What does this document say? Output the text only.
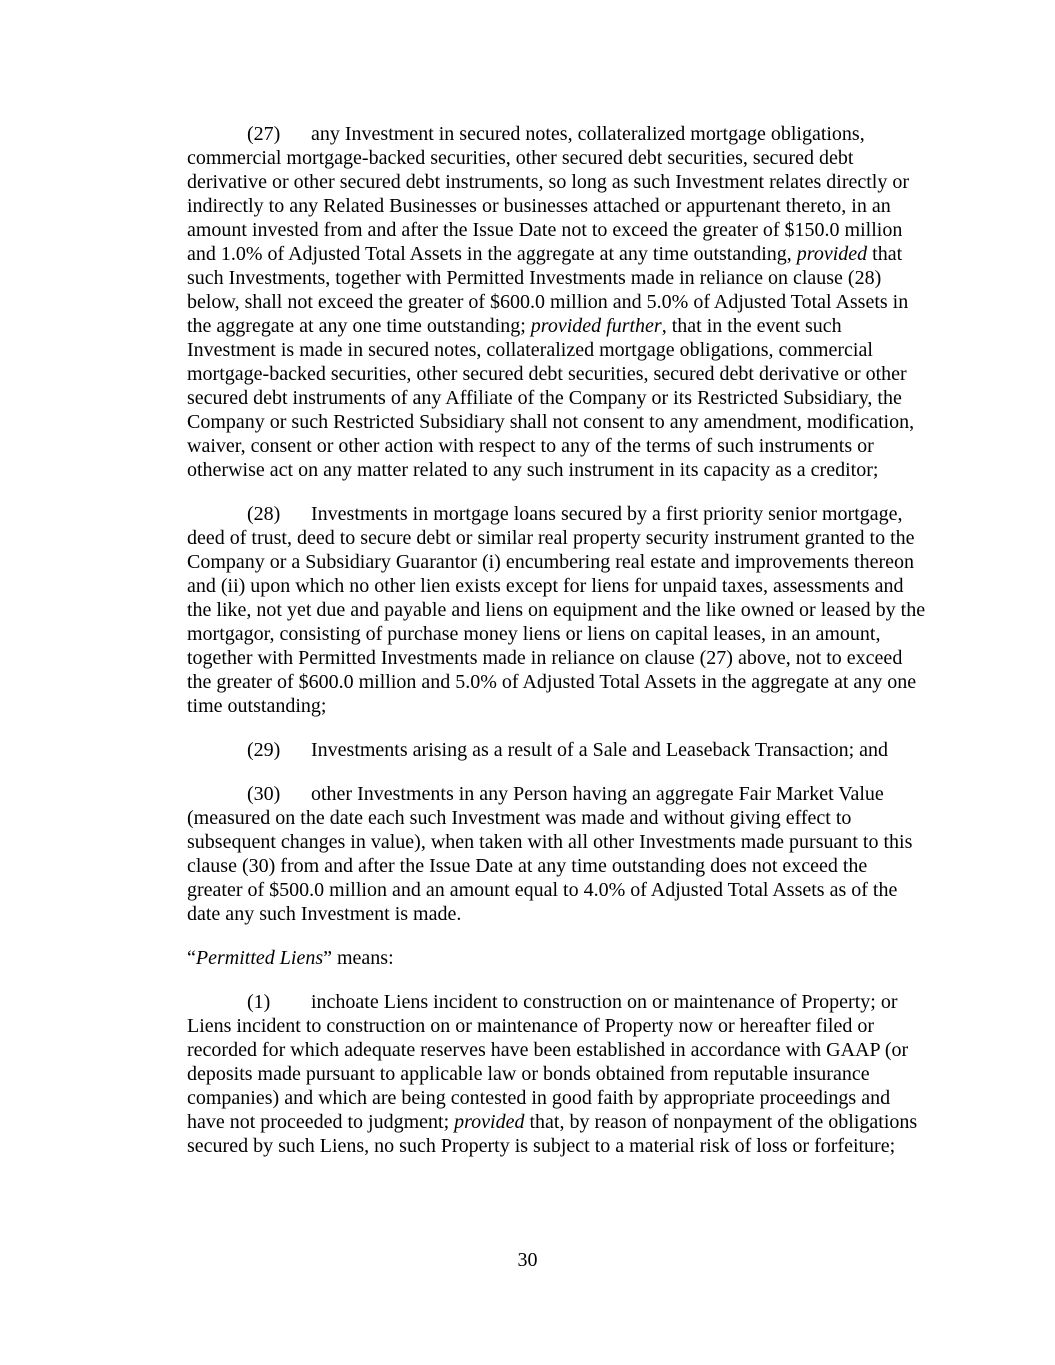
(27) any Investment in secured notes, collateralized mortgage obligations, commercial mortgage-backed securities, other secured debt securities, secured debt derivative or other secured debt instruments, so long as such Investment relates directly or indirectly to any Related Businesses or businesses attached or appurtenant thereto, in an amount invested from and after the Issue Date not to exceed the greater of $150.0 million and 1.0% of Adjusted Total Assets in the aggregate at any time outstanding, provided that such Investments, together with Permitted Investments made in reliance on clause (28) below, shall not exceed the greater of $600.0 million and 5.0% of Adjusted Total Assets in the aggregate at any one time outstanding; provided further, that in the event such Investment is made in secured notes, collateralized mortgage obligations, commercial mortgage-backed securities, other secured debt securities, secured debt derivative or other secured debt instruments of any Affiliate of the Company or its Restricted Subsidiary, the Company or such Restricted Subsidiary shall not consent to any amendment, modification, waiver, consent or other action with respect to any of the terms of such instruments or otherwise act on any matter related to any such instrument in its capacity as a creditor;
(28) Investments in mortgage loans secured by a first priority senior mortgage, deed of trust, deed to secure debt or similar real property security instrument granted to the Company or a Subsidiary Guarantor (i) encumbering real estate and improvements thereon and (ii) upon which no other lien exists except for liens for unpaid taxes, assessments and the like, not yet due and payable and liens on equipment and the like owned or leased by the mortgagor, consisting of purchase money liens or liens on capital leases, in an amount, together with Permitted Investments made in reliance on clause (27) above, not to exceed the greater of $600.0 million and 5.0% of Adjusted Total Assets in the aggregate at any one time outstanding;
(29) Investments arising as a result of a Sale and Leaseback Transaction; and
(30) other Investments in any Person having an aggregate Fair Market Value (measured on the date each such Investment was made and without giving effect to subsequent changes in value), when taken with all other Investments made pursuant to this clause (30) from and after the Issue Date at any time outstanding does not exceed the greater of $500.0 million and an amount equal to 4.0% of Adjusted Total Assets as of the date any such Investment is made.
“Permitted Liens” means:
(1) inchoate Liens incident to construction on or maintenance of Property; or Liens incident to construction on or maintenance of Property now or hereafter filed or recorded for which adequate reserves have been established in accordance with GAAP (or deposits made pursuant to applicable law or bonds obtained from reputable insurance companies) and which are being contested in good faith by appropriate proceedings and have not proceeded to judgment; provided that, by reason of nonpayment of the obligations secured by such Liens, no such Property is subject to a material risk of loss or forfeiture;
30
